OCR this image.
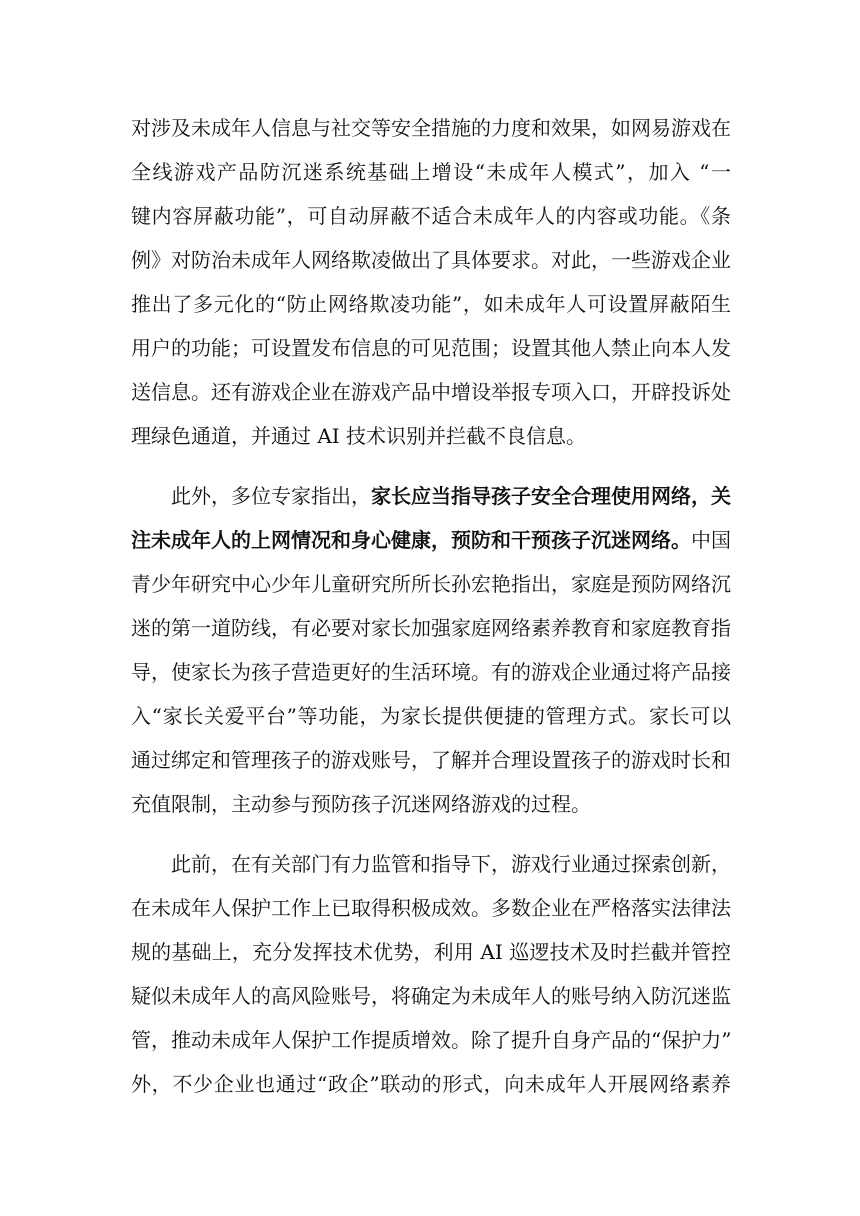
对涉及未成年人信息与社交等安全措施的力度和效果，如网易游戏在
全线游戏产品防沉迷系统基础上增设“未成年人模式”，加入 “一
键内容屏蔽功能”，可自动屏蔽不适合未成年人的内容或功能。《条
例》对防治未成年人网络欺凌做出了具体要求。对此，一些游戏企业
推出了多元化的“防止网络欺凌功能”，如未成年人可设置屏蔽陌生
用户的功能；可设置发布信息的可见范围；设置其他人禁止向本人发
送信息。还有游戏企业在游戏产品中增设举报专项入口，开辟投诉处
理绿色通道，并通过 AI 技术识别并拦截不良信息。
此外，多位专家指出，家长应当指导孩子安全合理使用网络，关
注未成年人的上网情况和身心健康，预防和干预孩子沉迷网络。中国
青少年研究中心少年儿童研究所所长孙宏艳指出，家庭是预防网络沉
迷的第一道防线，有必要对家长加强家庭网络素养教育和家庭教育指
导，使家长为孩子营造更好的生活环境。有的游戏企业通过将产品接
入“家长关爱平台”等功能，为家长提供便捷的管理方式。家长可以
通过绑定和管理孩子的游戏账号，了解并合理设置孩子的游戏时长和
充值限制，主动参与预防孩子沉迷网络游戏的过程。
此前，在有关部门有力监管和指导下，游戏行业通过探索创新，
在未成年人保护工作上已取得积极成效。多数企业在严格落实法律法
规的基础上，充分发挥技术优势，利用 AI 巡逻技术及时拦截并管控
疑似未成年人的高风险账号，将确定为未成年人的账号纳入防沉迷监
管，推动未成年人保护工作提质增效。除了提升自身产品的“保护力”
外，不少企业也通过“政企”联动的形式，向未成年人开展网络素养
